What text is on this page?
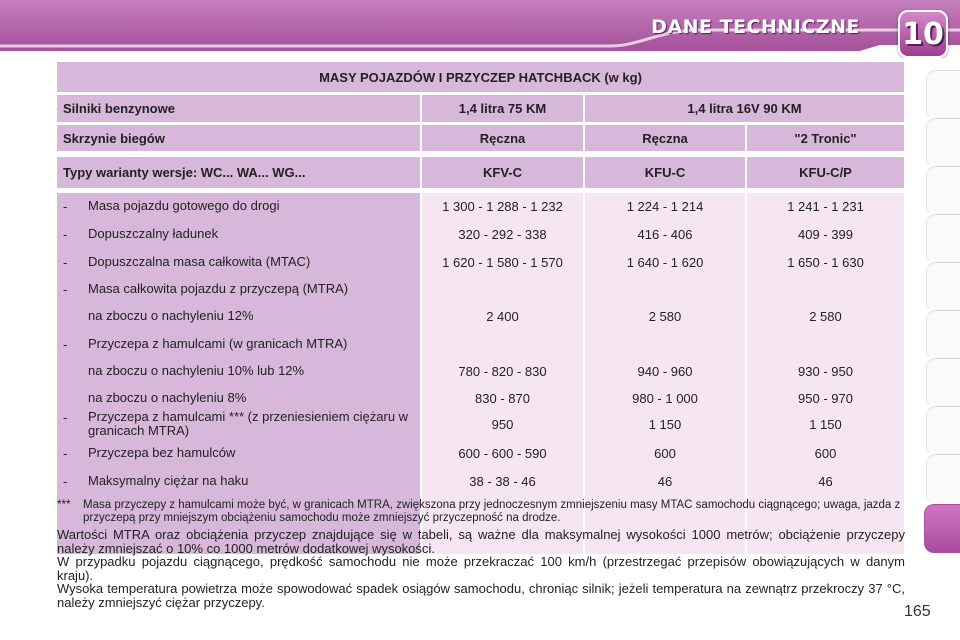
DANE TECHNICZNE 10
MASY POJAZDÓW I PRZYCZEP HATCHBACK (w kg)
Silniki benzynowe	1,4 litra 75 KM	1,4 litra 16V 90 KM
Skrzynie biegów	Ręczna	Ręczna	"2 Tronic"
Typy warianty wersje: WC... WA... WG...	KFV-C	KFU-C	KFU-C/P
- Masa pojazdu gotowego do drogi	1 300 - 1 288 - 1 232	1 224 - 1 214	1 241 - 1 231
- Dopuszczalny ładunek	320 - 292 - 338	416 - 406	409 - 399
- Dopuszczalna masa całkowita (MTAC)	1 620 - 1 580 - 1 570	1 640 - 1 620	1 650 - 1 630
- Masa całkowita pojazdu z przyczepą (MTRA)
na zboczu o nachyleniu 12%	2 400	2 580	2 580
- Przyczepa z hamulcami (w granicach MTRA)
na zboczu o nachyleniu 10% lub 12%	780 - 820 - 830	940 - 960	930 - 950
na zboczu o nachyleniu 8%	830 - 870	980 - 1 000	950 - 970
- Przyczepa z hamulcami *** (z przeniesieniem ciężaru w granicach MTRA)	950	1 150	1 150
- Przyczepa bez hamulców	600 - 600 - 590	600	600
- Maksymalny ciężar na haku	38 - 38 - 46	46	46
*** Masa przyczepy z hamulcami może być, w granicach MTRA, zwiększona przy jednoczesnym zmniejszeniu masy MTAC samochodu ciągnącego; uwaga, jazda z przyczepą przy mniejszym obciążeniu samochodu może zmniejszyć przyczepność na drodze.

Wartości MTRA oraz obciążenia przyczep znajdujące się w tabeli, są ważne dla maksymalnej wysokości 1000 metrów; obciążenie przyczepy należy zmniejszać o 10% co 1000 metrów dodatkowej wysokości.

W przypadku pojazdu ciągnącego, prędkość samochodu nie może przekraczać 100 km/h (przestrzegać przepisów obowiązujących w danym kraju).

Wysoka temperatura powietrza może spowodować spadek osiągów samochodu, chroniąc silnik; jeżeli temperatura na zewnątrz przekroczy 37 °C, należy zmniejszyć ciężar przyczepy.

165
